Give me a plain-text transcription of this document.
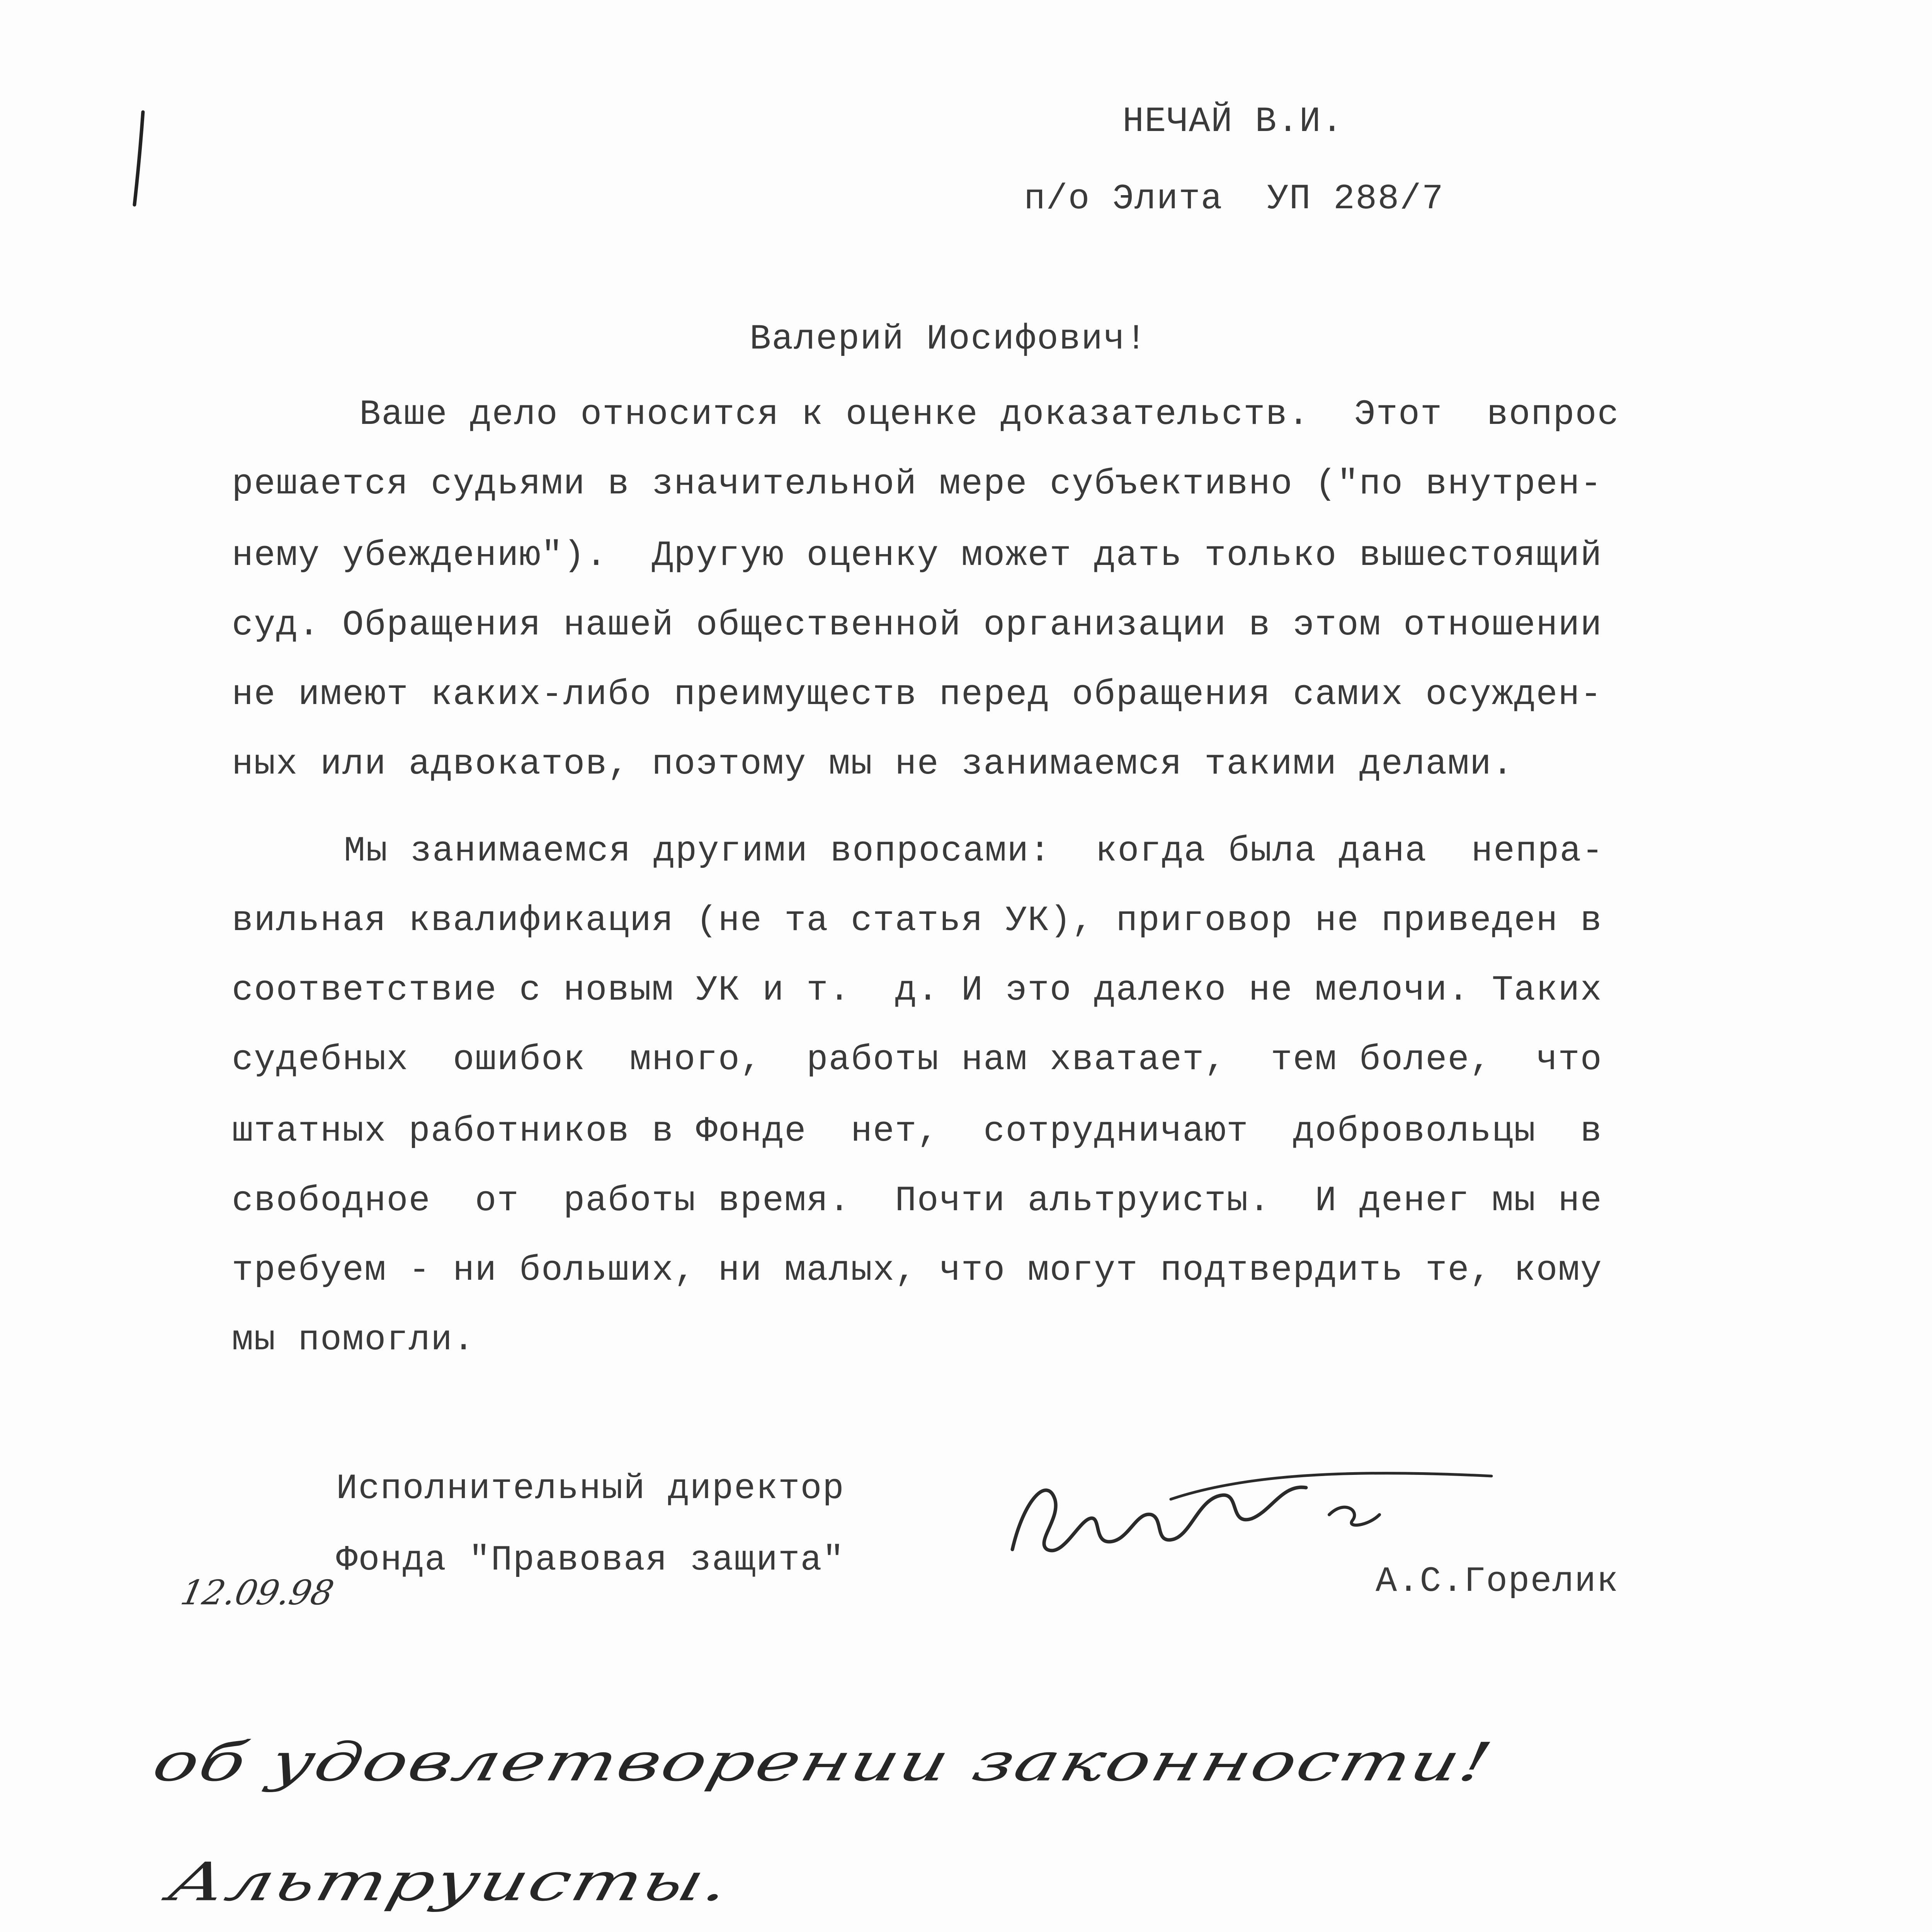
НЕЧАЙ В.И.
п/о Элита  УП 288/7
Валерий Иосифович!
Ваше дело относится к оценке доказательств.  Этот  вопрос
решается судьями в значительной мере субъективно ("по внутрен-
нему убеждению").  Другую оценку может дать только вышестоящий
суд. Обращения нашей общественной организации в этом отношении
не имеют каких-либо преимуществ перед обращения самих осужден-
ных или адвокатов, поэтому мы не занимаемся такими делами.
Мы занимаемся другими вопросами:  когда была дана  непра-
вильная квалификация (не та статья УК), приговор не приведен в
соответствие с новым УК и т.  д. И это далеко не мелочи. Таких
судебных  ошибок  много,  работы нам хватает,  тем более,  что
штатных работников в Фонде  нет,  сотрудничают  добровольцы  в
свободное  от  работы время.  Почти альтруисты.  И денег мы не
требуем - ни больших, ни малых, что могут подтвердить те, кому
мы помогли.
Исполнительный директор
Фонда "Правовая защита"
А.С.Горелик
12.09.98
об удовлетворении законности!
Альтруисты.
